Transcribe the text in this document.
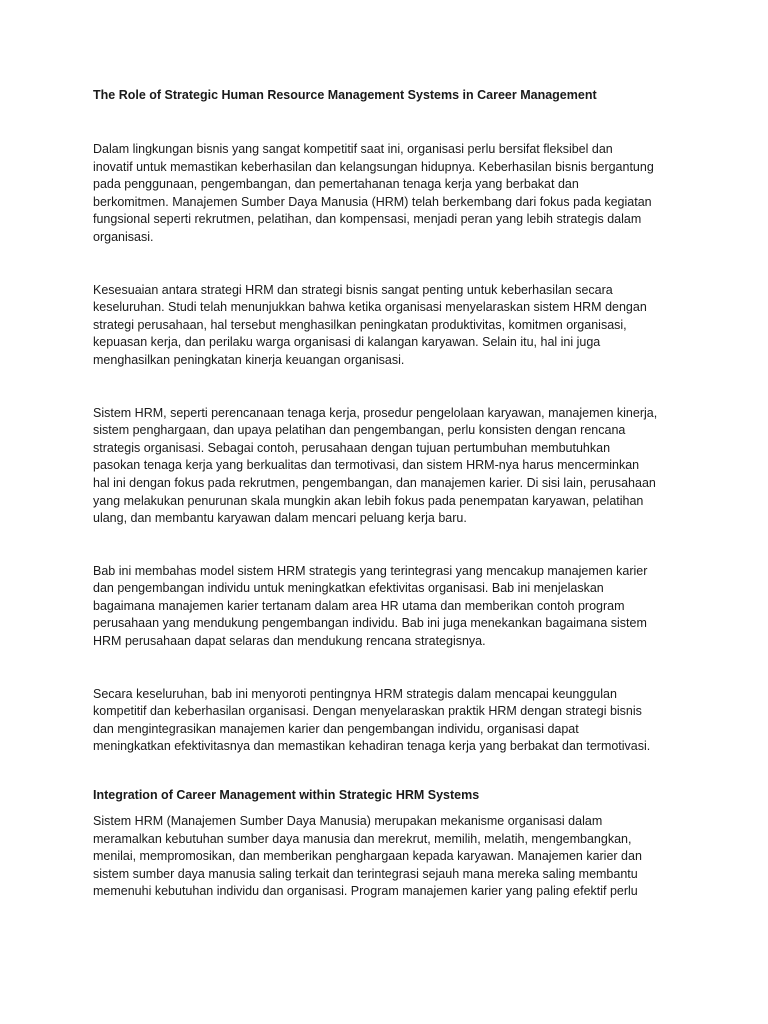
The Role of Strategic Human Resource Management Systems in Career Management

Dalam lingkungan bisnis yang sangat kompetitif saat ini, organisasi perlu bersifat fleksibel dan
inovatif untuk memastikan keberhasilan dan kelangsungan hidupnya. Keberhasilan bisnis bergantung
pada penggunaan, pengembangan, dan pemertahanan tenaga kerja yang berbakat dan
berkomitmen. Manajemen Sumber Daya Manusia (HRM) telah berkembang dari fokus pada kegiatan
fungsional seperti rekrutmen, pelatihan, dan kompensasi, menjadi peran yang lebih strategis dalam
organisasi.

Kesesuaian antara strategi HRM dan strategi bisnis sangat penting untuk keberhasilan secara
keseluruhan. Studi telah menunjukkan bahwa ketika organisasi menyelaraskan sistem HRM dengan
strategi perusahaan, hal tersebut menghasilkan peningkatan produktivitas, komitmen organisasi,
kepuasan kerja, dan perilaku warga organisasi di kalangan karyawan. Selain itu, hal ini juga
menghasilkan peningkatan kinerja keuangan organisasi.

Sistem HRM, seperti perencanaan tenaga kerja, prosedur pengelolaan karyawan, manajemen kinerja,
sistem penghargaan, dan upaya pelatihan dan pengembangan, perlu konsisten dengan rencana
strategis organisasi. Sebagai contoh, perusahaan dengan tujuan pertumbuhan membutuhkan
pasokan tenaga kerja yang berkualitas dan termotivasi, dan sistem HRM-nya harus mencerminkan
hal ini dengan fokus pada rekrutmen, pengembangan, dan manajemen karier. Di sisi lain, perusahaan
yang melakukan penurunan skala mungkin akan lebih fokus pada penempatan karyawan, pelatihan
ulang, dan membantu karyawan dalam mencari peluang kerja baru.

Bab ini membahas model sistem HRM strategis yang terintegrasi yang mencakup manajemen karier
dan pengembangan individu untuk meningkatkan efektivitas organisasi. Bab ini menjelaskan
bagaimana manajemen karier tertanam dalam area HR utama dan memberikan contoh program
perusahaan yang mendukung pengembangan individu. Bab ini juga menekankan bagaimana sistem
HRM perusahaan dapat selaras dan mendukung rencana strategisnya.

Secara keseluruhan, bab ini menyoroti pentingnya HRM strategis dalam mencapai keunggulan
kompetitif dan keberhasilan organisasi. Dengan menyelaraskan praktik HRM dengan strategi bisnis
dan mengintegrasikan manajemen karier dan pengembangan individu, organisasi dapat
meningkatkan efektivitasnya dan memastikan kehadiran tenaga kerja yang berbakat dan termotivasi.

Integration of Career Management within Strategic HRM Systems

Sistem HRM (Manajemen Sumber Daya Manusia) merupakan mekanisme organisasi dalam
meramalkan kebutuhan sumber daya manusia dan merekrut, memilih, melatih, mengembangkan,
menilai, mempromosikan, dan memberikan penghargaan kepada karyawan. Manajemen karier dan
sistem sumber daya manusia saling terkait dan terintegrasi sejauh mana mereka saling membantu
memenuhi kebutuhan individu dan organisasi. Program manajemen karier yang paling efektif perlu
